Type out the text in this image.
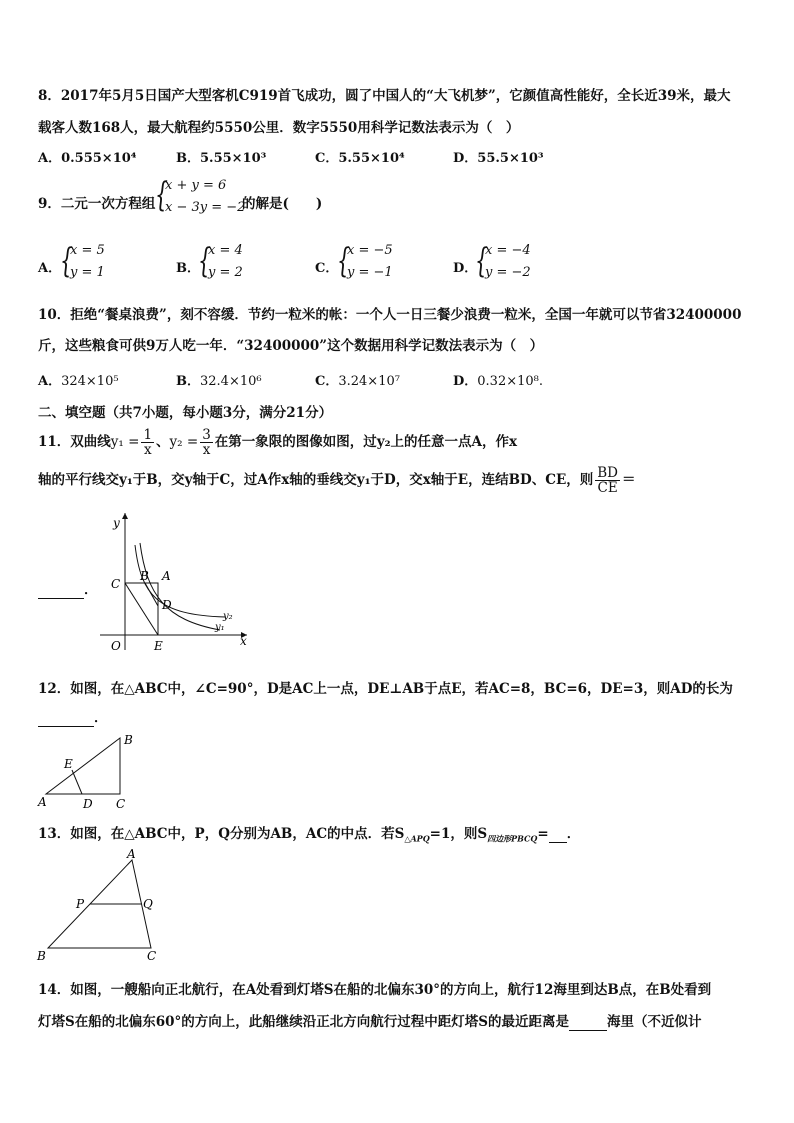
8．2017年5月5日国产大型客机C919首飞成功，圆了中国人的“大飞机梦”，它颜值高性能好，全长近39米，最大
载客人数168人，最大航程约5550公里．数字5550用科学记数法表示为（　）
A．0.555×10⁴	B．5.55×10³	C．5.55×10⁴	D．55.5×10³
9．二元一次方程组 {
x + y = 6
x − 3y = −2
的解是(　　)
A．
{
x = 5
y = 1	B．
{
x = 4
y = 2	C．
{
x = −5
y = −1	D．
{
x = −4
y = −2
10．拒绝“餐桌浪费”，刻不容缓．节约一粒米的帐：一个人一日三餐少浪费一粒米，全国一年就可以节省32400000
斤，这些粮食可供9万人吃一年．“32400000”这个数据用科学记数法表示为（　）
A．324×10⁵	B．32.4×10⁶	C．3.24×10⁷	D．0.32×10⁸.
二、填空题（共7小题，每小题3分，满分21分）
11．双曲线$y_1 = \frac{1}{x}$ 、$y_2 = \frac{3}{x}$ 在第一象限的图像如图，过y₂上的任意一点A，作x
轴的平行线交y₁于B，交y轴于C，过A作x轴的垂线交y₁于D，交x轴于E，连结BD、CE，则 $\frac{BD}{CE}$ ＝
y
x
O
C
B A
D
E
y₂
y₁
．
12．如图，在△ABC中，∠C=90°，D是AC上一点，DE⊥AB于点E，若AC=8，BC=6，DE=3，则AD的长为
．
A
B
C
D
E
13．如图，在△ABC中，P，Q分别为AB，AC的中点．若$S_{\triangle APQ}=1$，则$S_{四边形PBCQ}=$ ．
A
P	Q
B	C
14．如图，一艘船向正北航行，在A处看到灯塔S在船的北偏东30°的方向上，航行12海里到达B点，在B处看到
灯塔S在船的北偏东60°的方向上，此船继续沿正北方向航行过程中距灯塔S的最近距离是	海里（不近似计
